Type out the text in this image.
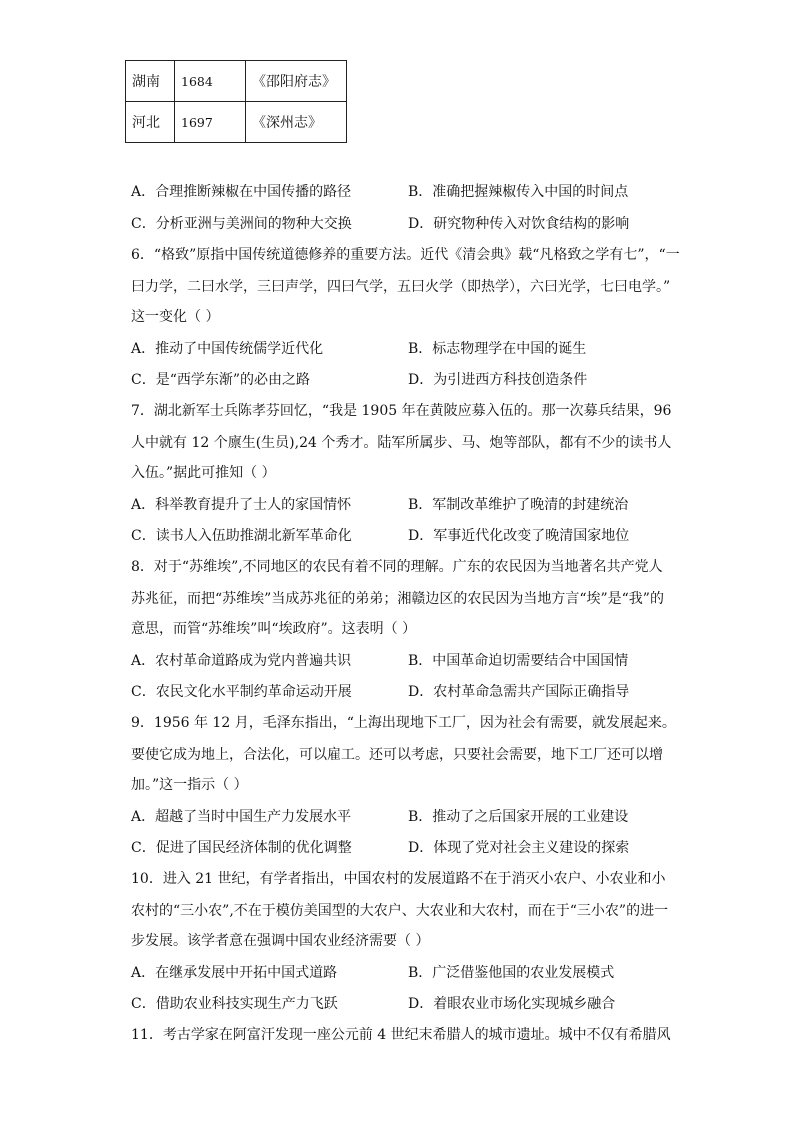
湖南	1684	《邵阳府志》
河北	1697	《深州志》
A．合理推断辣椒在中国传播的路径	B．准确把握辣椒传入中国的时间点
C．分析亚洲与美洲间的物种大交换	D．研究物种传入对饮食结构的影响
6．“格致”原指中国传统道德修养的重要方法。近代《清会典》载“凡格致之学有七”，“一
曰力学，二曰水学，三曰声学，四曰气学，五曰火学（即热学），六曰光学，七曰电学。”
这一变化（ ）
A．推动了中国传统儒学近代化	B．标志物理学在中国的诞生
C．是“西学东渐”的必由之路	D．为引进西方科技创造条件
7．湖北新军士兵陈孝芬回忆，“我是 1905 年在黄陂应募入伍的。那一次募兵结果，96
人中就有 12 个廪生(生员),24 个秀才。陆军所属步、马、炮等部队，都有不少的读书人
入伍。”据此可推知（ ）
A．科举教育提升了士人的家国情怀	B．军制改革维护了晚清的封建统治
C．读书人入伍助推湖北新军革命化	D．军事近代化改变了晚清国家地位
8．对于“苏维埃”,不同地区的农民有着不同的理解。广东的农民因为当地著名共产党人
苏兆征，而把“苏维埃”当成苏兆征的弟弟；湘赣边区的农民因为当地方言“埃”是“我”的
意思，而管“苏维埃”叫“埃政府”。这表明（ ）
A．农村革命道路成为党内普遍共识	B．中国革命迫切需要结合中国国情
C．农民文化水平制约革命运动开展	D．农村革命急需共产国际正确指导
9．1956 年 12 月，毛泽东指出，“上海出现地下工厂，因为社会有需要，就发展起来。
要使它成为地上，合法化，可以雇工。还可以考虑，只要社会需要，地下工厂还可以增
加。”这一指示（ ）
A．超越了当时中国生产力发展水平	B．推动了之后国家开展的工业建设
C．促进了国民经济体制的优化调整	D．体现了党对社会主义建设的探索
10．进入 21 世纪，有学者指出，中国农村的发展道路不在于消灭小农户、小农业和小
农村的“三小农”,不在于模仿美国型的大农户、大农业和大农村，而在于“三小农”的进一
步发展。该学者意在强调中国农业经济需要（ ）
A．在继承发展中开拓中国式道路	B．广泛借鉴他国的农业发展模式
C．借助农业科技实现生产力飞跃	D．着眼农业市场化实现城乡融合
11．考古学家在阿富汗发现一座公元前 4 世纪末希腊人的城市遗址。城中不仅有希腊风
